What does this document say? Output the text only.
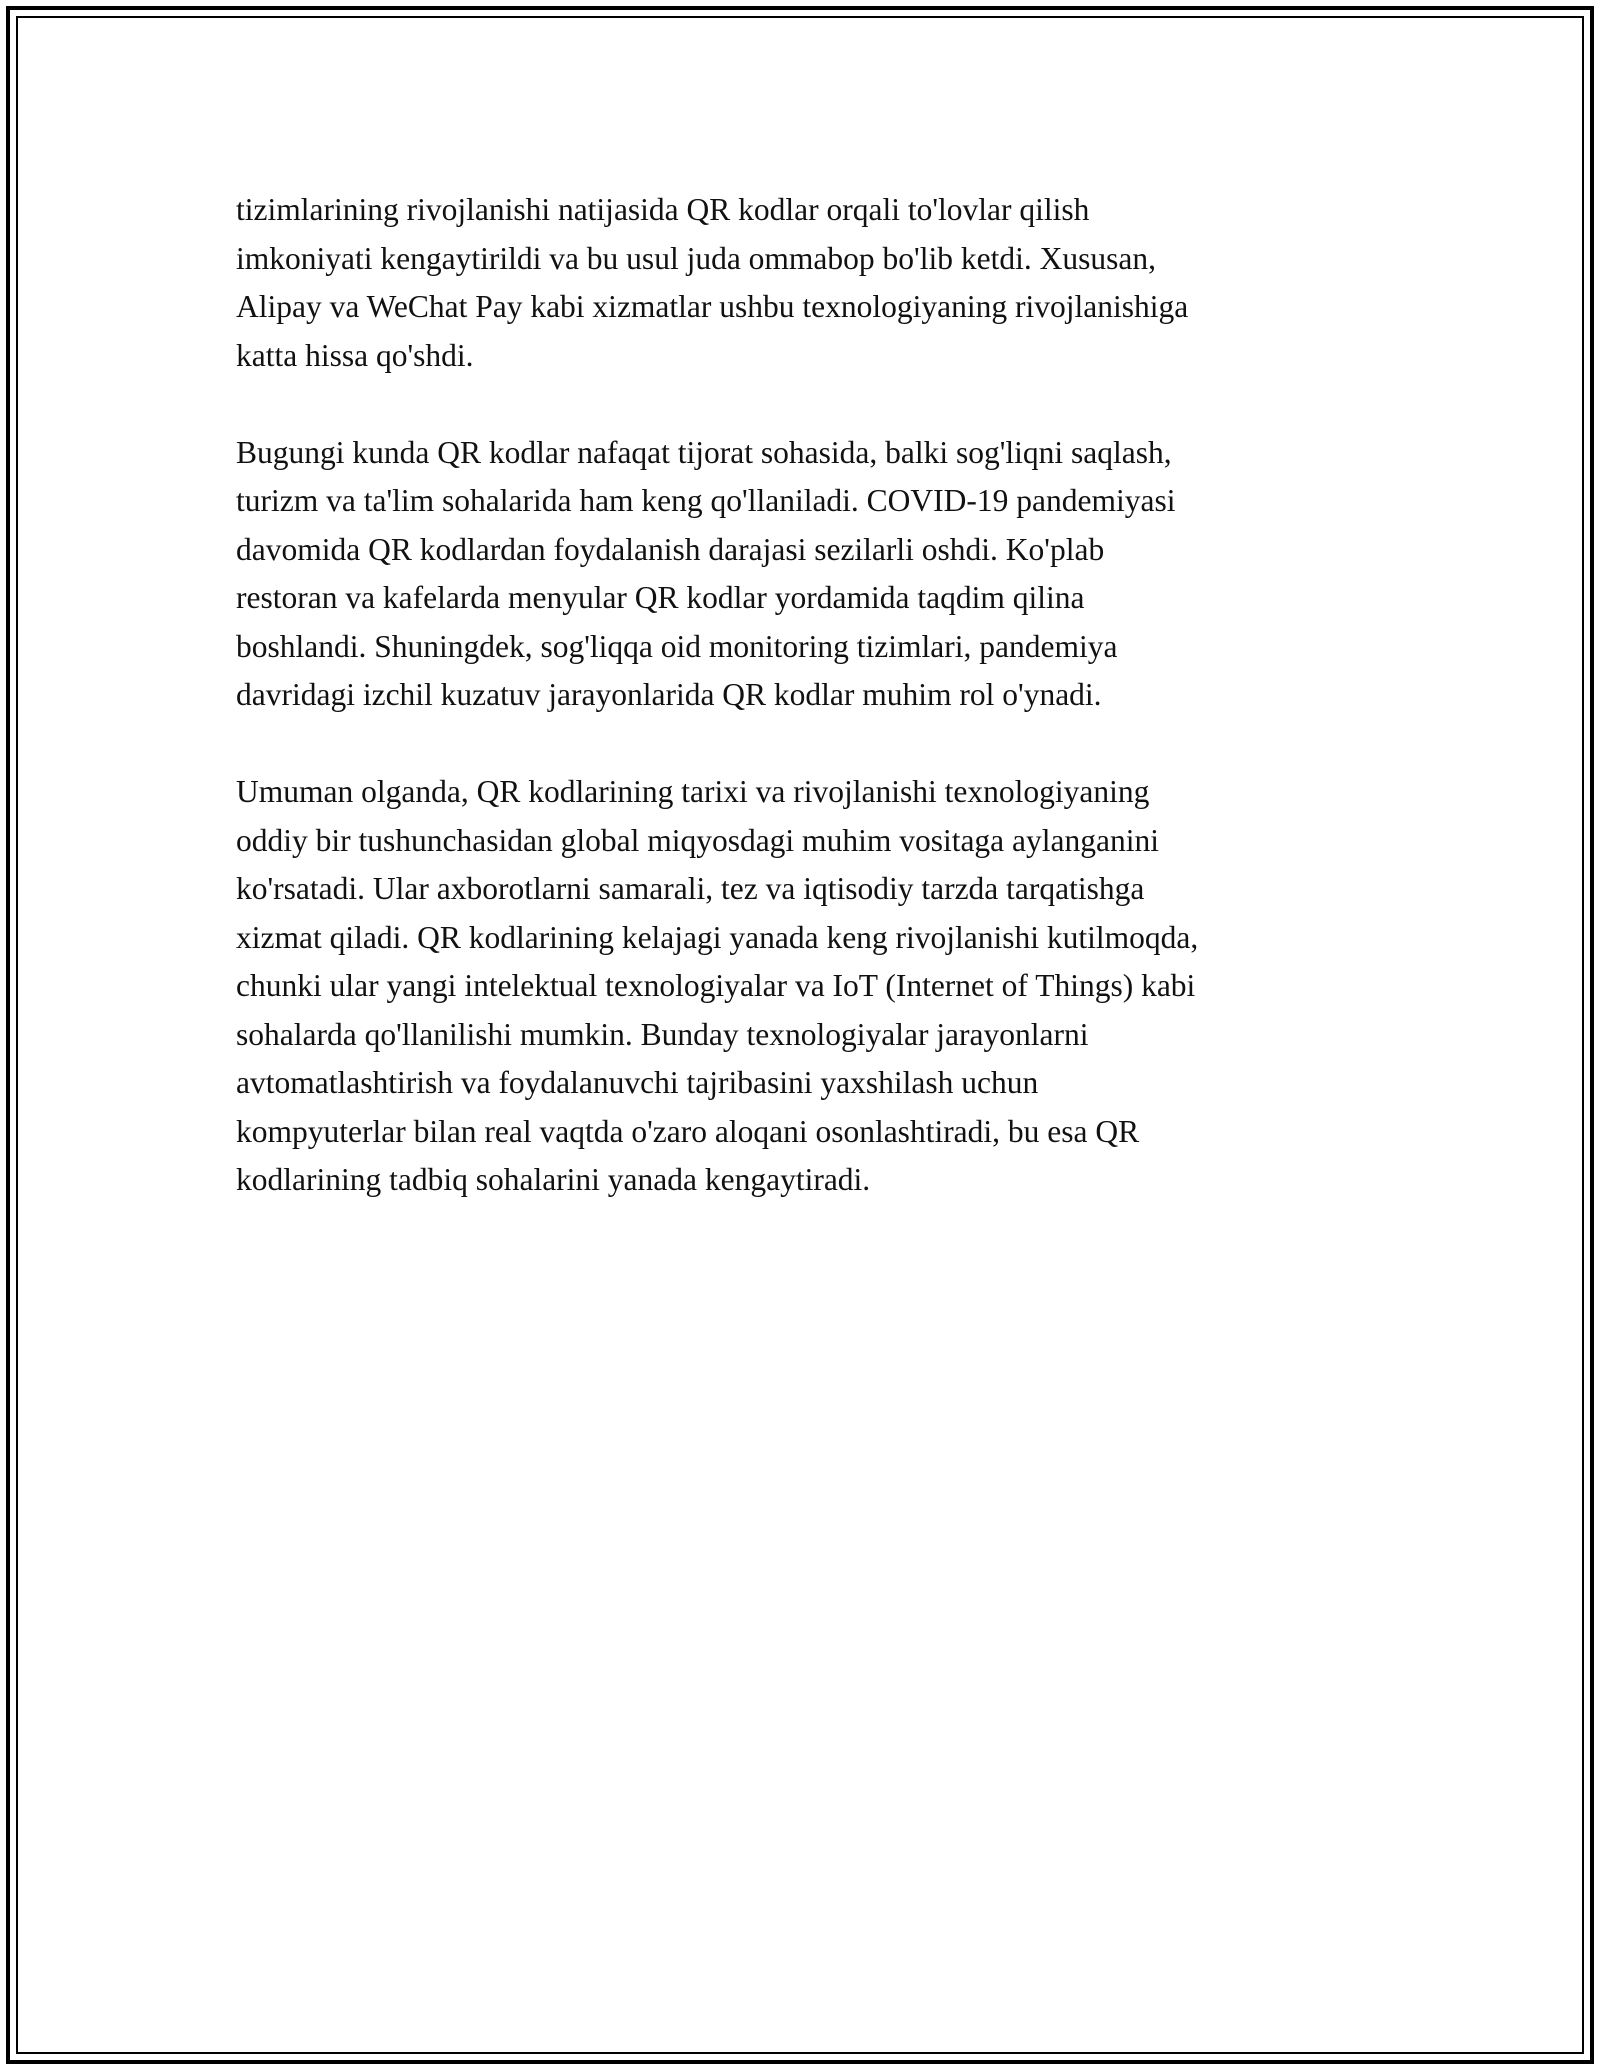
tizimlarining rivojlanishi natijasida QR kodlar orqali to'lovlar qilish
imkoniyati kengaytirildi va bu usul juda ommabop bo'lib ketdi. Xususan,
Alipay va WeChat Pay kabi xizmatlar ushbu texnologiyaning rivojlanishiga
katta hissa qo'shdi.

Bugungi kunda QR kodlar nafaqat tijorat sohasida, balki sog'liqni saqlash,
turizm va ta'lim sohalarida ham keng qo'llaniladi. COVID-19 pandemiyasi
davomida QR kodlardan foydalanish darajasi sezilarli oshdi. Ko'plab
restoran va kafelarda menyular QR kodlar yordamida taqdim qilina
boshlandi. Shuningdek, sog'liqqa oid monitoring tizimlari, pandemiya
davridagi izchil kuzatuv jarayonlarida QR kodlar muhim rol o'ynadi.

Umuman olganda, QR kodlarining tarixi va rivojlanishi texnologiyaning
oddiy bir tushunchasidan global miqyosdagi muhim vositaga aylanganini
ko'rsatadi. Ular axborotlarni samarali, tez va iqtisodiy tarzda tarqatishga
xizmat qiladi. QR kodlarining kelajagi yanada keng rivojlanishi kutilmoqda,
chunki ular yangi intelektual texnologiyalar va IoT (Internet of Things) kabi
sohalarda qo'llanilishi mumkin. Bunday texnologiyalar jarayonlarni
avtomatlashtirish va foydalanuvchi tajribasini yaxshilash uchun
kompyuterlar bilan real vaqtda o'zaro aloqani osonlashtiradi, bu esa QR
kodlarining tadbiq sohalarini yanada kengaytiradi.
